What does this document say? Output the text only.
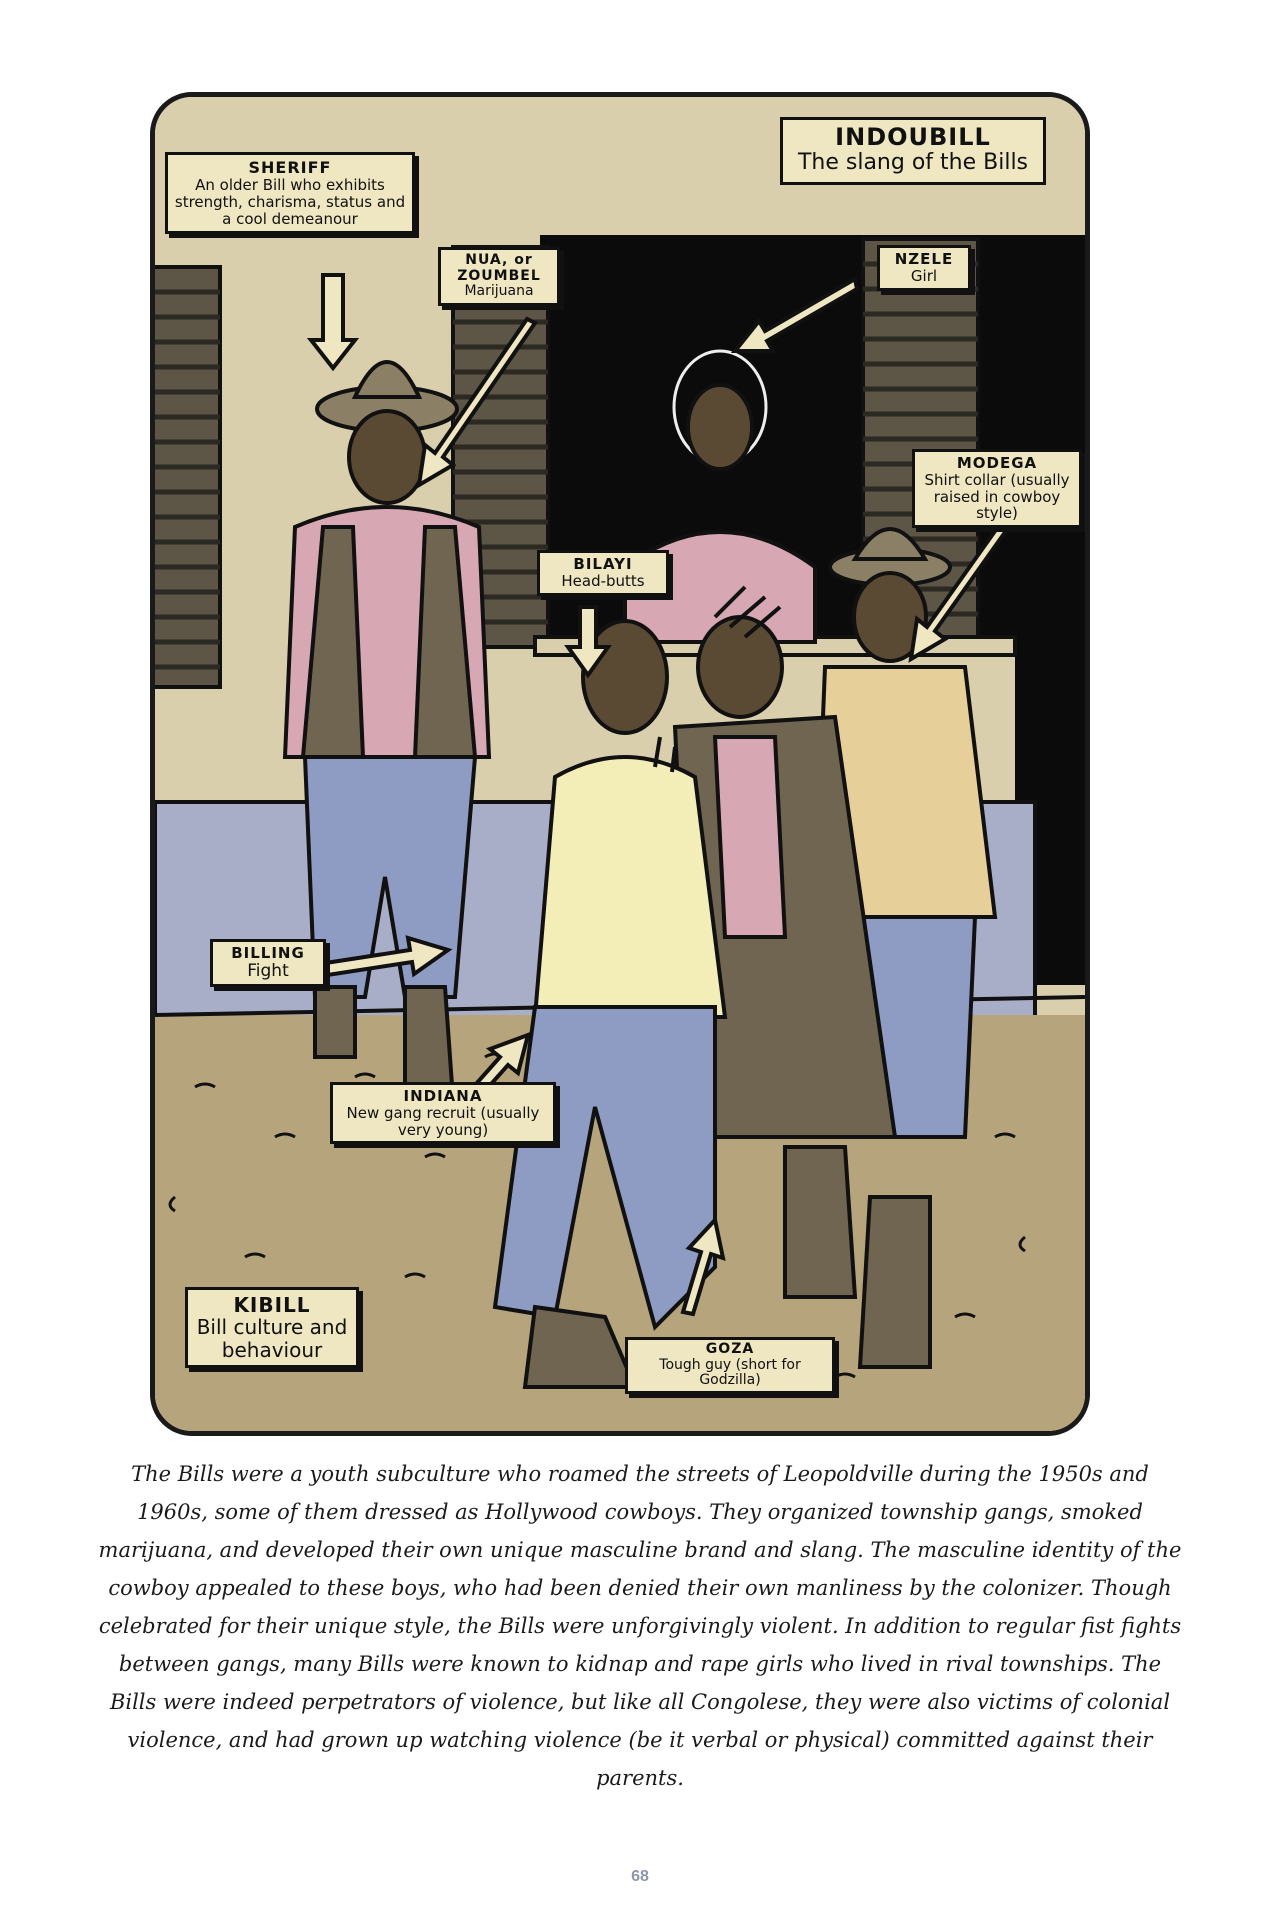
INDOUBILL
The slang of the Bills
SHERIFF
An older Bill who exhibits strength, charisma, status and a cool demeanour
NUA, or ZOUMBEL
Marijuana
NZELE
Girl
MODEGA
Shirt collar (usually raised in cowboy style)
BILAYI
Head-butts
BILLING
Fight
INDIANA
New gang recruit (usually very young)
KIBILL
Bill culture and behaviour	GOZA
Tough guy (short for Godzilla)
The Bills were a youth subculture who roamed the streets of Leopoldville during the 1950s and 1960s, some of them dressed as Hollywood cowboys. They organized township gangs, smoked marijuana, and developed their own unique masculine brand and slang. The masculine identity of the cowboy appealed to these boys, who had been denied their own manliness by the colonizer. Though celebrated for their unique style, the Bills were unforgivingly violent. In addition to regular fist fights between gangs, many Bills were known to kidnap and rape girls who lived in rival townships. The Bills were indeed perpetrators of violence, but like all Congolese, they were also victims of colonial violence, and had grown up watching violence (be it verbal or physical) committed against their parents.
68
